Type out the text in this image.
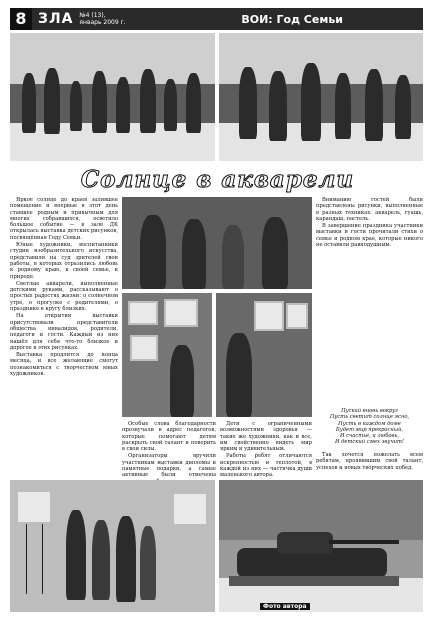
8 ЗЛА №4 (13),
январь 2009 г.	ВОИ: Год Семьи
Солнце в акварели

Яркое солнце до краев залившее помещение и впервые в этот день ставшее родным и привычным для многих собравшихся, осветило большое событие — в зале ДК открылась выставка детских рисунков, посвящённая Году Семьи.

Юные художники, воспитанники студии изобразительного искусства, представили на суд зрителей свои работы, в которых отразились любовь к родному краю, к своей семье, к природе.

Светлые акварели, выполненные детскими руками, рассказывают о простых радостях жизни: о солнечном утре, о прогулке с родителями, о празднике в кругу близких.

На открытии выставки присутствовали представители общества инвалидов, родители, педагоги и гости. Каждый из них нашёл для себя что-то близкое и дорогое в этих рисунках.

Выставка продлится до конца месяца, и все желающие смогут познакомиться с творчеством юных художников.

Особые слова благодарности прозвучали в адрес педагогов, которые помогают детям раскрыть свой талант и поверить в свои силы.

Организаторы вручили участникам выставки дипломы и памятные подарки, а самые активные были отмечены

Дети с ограниченными возможностями здоровья — такие же художники, как и все, им свойственно видеть мир ярким и удивительным.

Работы ребят отличаются искренностью и теплотой, в каждой из них — частичка души маленького автора.

Вниманию гостей были представлены рисунки, выполненные в разных техниках: акварель, гуашь, карандаш, пастель.

В завершение праздника участники выставки и гости прочитали стихи о семье и родном крае, которые никого не оставили равнодушным.

Пускай вновь вокруг
Пусть светит солнце ясно,
Пусть в каждом доме
Будет мир прекрасный,
И счастье, и любовь,
И детский смех звучит!

Так хочется пожелать всем ребятам, проявившим свой талант, успехов и новых творческих побед.

Фото автора
